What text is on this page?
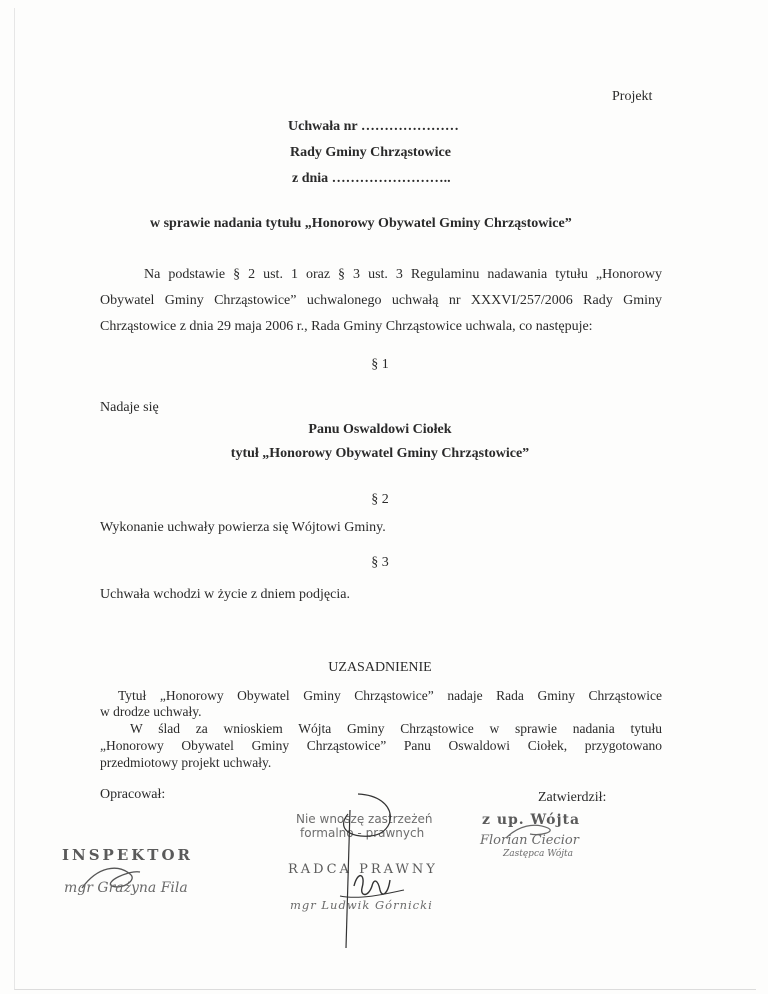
Projekt
Uchwała nr …………………
Rady Gminy Chrząstowice
z dnia ……………………..
w sprawie nadania tytułu „Honorowy Obywatel Gminy Chrząstowice”
Na podstawie § 2 ust. 1 oraz § 3 ust. 3 Regulaminu nadawania tytułu „Honorowy
Obywatel Gminy Chrząstowice” uchwalonego uchwałą nr XXXVI/257/2006 Rady Gminy
Chrząstowice z dnia 29 maja 2006 r., Rada Gminy Chrząstowice uchwala, co następuje:
§ 1
Nadaje się
Panu Oswaldowi Ciołek
tytuł „Honorowy Obywatel Gminy Chrząstowice”
§ 2
Wykonanie uchwały powierza się Wójtowi Gminy.
§ 3
Uchwała wchodzi w życie z dniem podjęcia.
UZASADNIENIE
Tytuł „Honorowy Obywatel Gminy Chrząstowice” nadaje Rada Gminy Chrząstowice
w drodze uchwały.
W ślad za wnioskiem Wójta Gminy Chrząstowice w sprawie nadania tytułu
„Honorowy Obywatel Gminy Chrząstowice” Panu Oswaldowi Ciołek, przygotowano
przedmiotowy projekt uchwały.
Opracował:	Zatwierdził:
INSPEKTOR
mgr Grażyna Fila
Nie wnoszę zastrzeżeń
formalno - prawnych
RADCA PRAWNY
mgr Ludwik Górnicki
z up. Wójta
Florian Ciecior
Zastępca Wójta
